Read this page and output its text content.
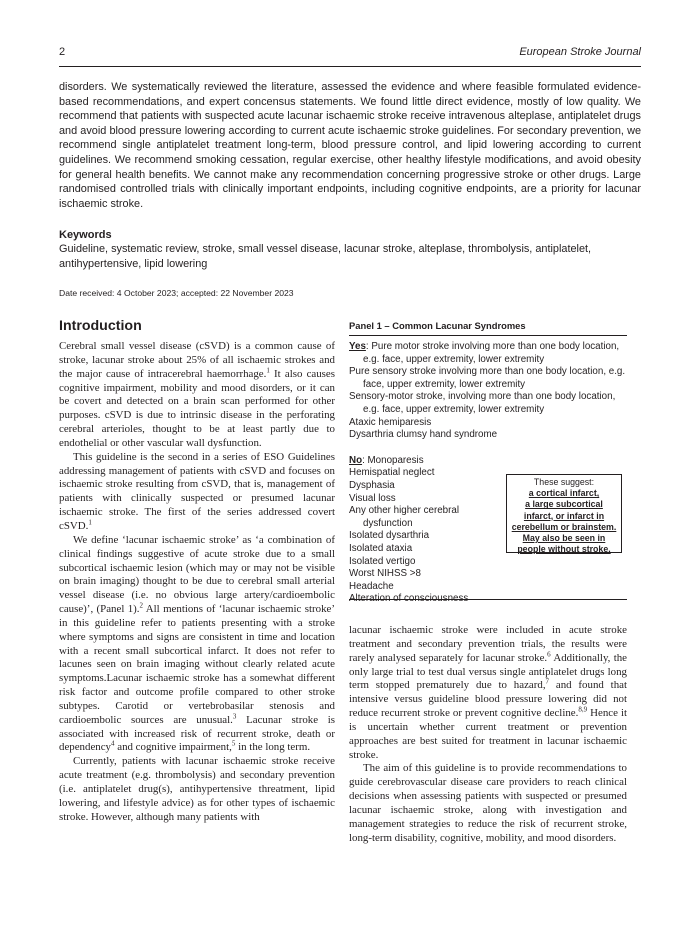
2	European Stroke Journal
disorders. We systematically reviewed the literature, assessed the evidence and where feasible formulated evidence-based recommendations, and expert concensus statements. We found little direct evidence, mostly of low quality. We recommend that patients with suspected acute lacunar ischaemic stroke receive intravenous alteplase, antiplatelet drugs and avoid blood pressure lowering according to current acute ischaemic stroke guidelines. For secondary prevention, we recommend single antiplatelet treatment long-term, blood pressure control, and lipid lowering according to current guidelines. We recommend smoking cessation, regular exercise, other healthy lifestyle modifications, and avoid obesity for general health benefits. We cannot make any recommendation concerning progressive stroke or other drugs. Large randomised controlled trials with clinically important endpoints, including cognitive endpoints, are a priority for lacunar ischaemic stroke.
Keywords
Guideline, systematic review, stroke, small vessel disease, lacunar stroke, alteplase, thrombolysis, antiplatelet, antihypertensive, lipid lowering
Date received: 4 October 2023; accepted: 22 November 2023
Introduction

Cerebral small vessel disease (cSVD) is a common cause of stroke, lacunar stroke about 25% of all ischaemic strokes and the major cause of intracerebral haemorrhage.$^1$ It also causes cognitive impairment, mobility and mood disorders, or it can be covert and detected on a brain scan performed for other purposes. cSVD is due to intrinsic disease in the perforating cerebral arterioles, thought to be at least partly due to endothelial or other vascular wall dysfunction.

This guideline is the second in a series of ESO Guidelines addressing management of patients with cSVD and focuses on ischaemic stroke resulting from cSVD, that is, management of patients with clinically suspected or presumed lacunar ischaemic stroke. The first of the series addressed covert cSVD.$^1$

We define ‘lacunar ischaemic stroke’ as ‘a combination of clinical findings suggestive of acute stroke due to a small subcortical ischaemic lesion (which may or may not be visible on brain imaging) thought to be due to cerebral small arterial vessel disease (i.e. no obvious large artery/cardioembolic cause)’, (Panel 1).$^2$ All mentions of ‘lacunar ischaemic stroke’ in this guideline refer to patients presenting with a stroke where symptoms and signs are consistent in time and location with a recent small subcortical infarct. It does not refer to lacunes seen on brain imaging without clearly related acute symptoms.Lacunar ischaemic stroke has a somewhat different risk factor and outcome profile compared to other stroke subtypes. Carotid or vertebrobasilar stenosis and cardioembolic sources are unusual.$^3$ Lacunar stroke is associated with increased risk of recurrent stroke, death or dependency$^4$ and cognitive impairment,$^5$ in the long term.

Currently, patients with lacunar ischaemic stroke receive acute treatment (e.g. thrombolysis) and secondary prevention (i.e. antiplatelet drug(s), antihypertensive threatment, lipid lowering, and lifestyle advice) as for other types of ischaemic stroke. However, although many patients with

Panel 1 – Common Lacunar Syndromes
Yes: Pure motor stroke involving more than one body location, e.g. face, upper extremity, lower extremity
Pure sensory stroke involving more than one body location, e.g. face, upper extremity, lower extremity
Sensory-motor stroke, involving more than one body location, e.g. face, upper extremity, lower extremity
Ataxic hemiparesis
Dysarthria clumsy hand syndrome
No: Monoparesis
Hemispatial neglect
Dysphasia
Visual loss
Any other higher cerebral dysfunction
Isolated dysarthria
Isolated ataxia
Isolated vertigo
Worst NIHSS >8
Headache
Alteration of consciousness
These suggest:
a cortical infarct,
a large subcortical
infarct, or infarct in
cerebellum or brainstem.
May also be seen in
people without stroke.

lacunar ischaemic stroke were included in acute stroke treatment and secondary prevention trials, the results were rarely analysed separately for lacunar stroke.$^6$ Additionally, the only large trial to test dual versus single antiplatelet drugs long term stopped prematurely due to hazard,$^7$ and found that intensive versus guideline blood pressure lowering did not reduce recurrent stroke or prevent cognitive decline.$^{8,9}$ Hence it is uncertain whether current treatment or prevention approaches are best suited for treatment in lacunar ischaemic stroke.

The aim of this guideline is to provide recommendations to guide cerebrovascular disease care providers to reach clinical decisions when assessing patients with suspected or presumed lacunar ischaemic stroke, along with investigation and management strategies to reduce the risk of recurrent stroke, long-term disability, cognitive, mobility, and mood disorders.
